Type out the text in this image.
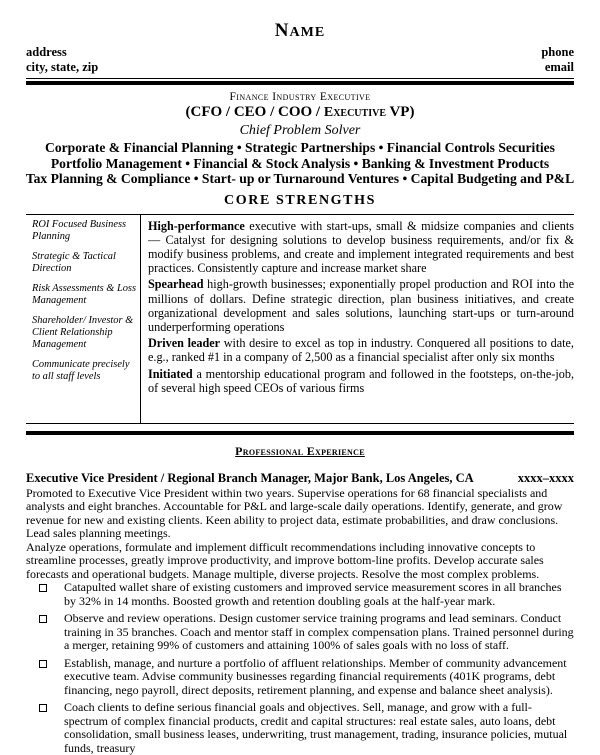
NAME
address
city, state, zip
phone
email
Finance Industry Executive
(CFO / CEO / COO / Executive VP)
Chief Problem Solver
Corporate & Financial Planning • Strategic Partnerships • Financial Controls Securities
Portfolio Management • Financial & Stock Analysis • Banking & Investment Products
Tax Planning & Compliance • Start- up or Turnaround Ventures • Capital Budgeting and P&L
CORE STRENGTHS
ROI Focused Business Planning
Strategic & Tactical Direction
Risk Assessments & Loss Management
Shareholder/ Investor & Client Relationship Management
Communicate precisely to all staff levels

High-performance executive with start-ups, small & midsize companies and clients — Catalyst for designing solutions to develop business requirements, and/or fix & modify business problems, and create and implement integrated requirements and best practices. Consistently capture and increase market share

Spearhead high-growth businesses; exponentially propel production and ROI into the millions of dollars. Define strategic direction, plan business initiatives, and create organizational development and sales solutions, launching start-ups or turn-around underperforming operations

Driven leader with desire to excel as top in industry. Conquered all positions to date, e.g., ranked #1 in a company of 2,500 as a financial specialist after only six months

Initiated a mentorship educational program and followed in the footsteps, on-the-job, of several high speed CEOs of various firms

Professional Experience
Executive Vice President / Regional Branch Manager, Major Bank, Los Angeles, CA	xxxx–xxxx

Promoted to Executive Vice President within two years. Supervise operations for 68 financial specialists and analysts and eight branches. Accountable for P&L and large-scale daily operations. Identify, generate, and grow revenue for new and existing clients. Keen ability to project data, estimate probabilities, and draw conclusions. Lead sales planning meetings.

Analyze operations, formulate and implement difficult recommendations including innovative concepts to streamline processes, greatly improve productivity, and improve bottom-line profits. Develop accurate sales forecasts and operational budgets. Manage multiple, diverse projects. Resolve the most complex problems.

Catapulted wallet share of existing customers and improved service measurement scores in all branches by 32% in 14 months. Boosted growth and retention doubling goals at the half-year mark.
Observe and review operations. Design customer service training programs and lead seminars. Conduct training in 35 branches. Coach and mentor staff in complex compensation plans. Trained personnel during a merger, retaining 99% of customers and attaining 100% of sales goals with no loss of staff.
Establish, manage, and nurture a portfolio of affluent relationships. Member of community advancement executive team. Advise community businesses regarding financial requirements (401K programs, debt financing, nego payroll, direct deposits, retirement planning, and expense and balance sheet analysis).
Coach clients to define serious financial goals and objectives. Sell, manage, and grow with a full-spectrum of complex financial products, credit and capital structures: real estate sales, auto loans, debt consolidation, small business leases, underwriting, trust management, trading, insurance policies, mutual funds, treasury
